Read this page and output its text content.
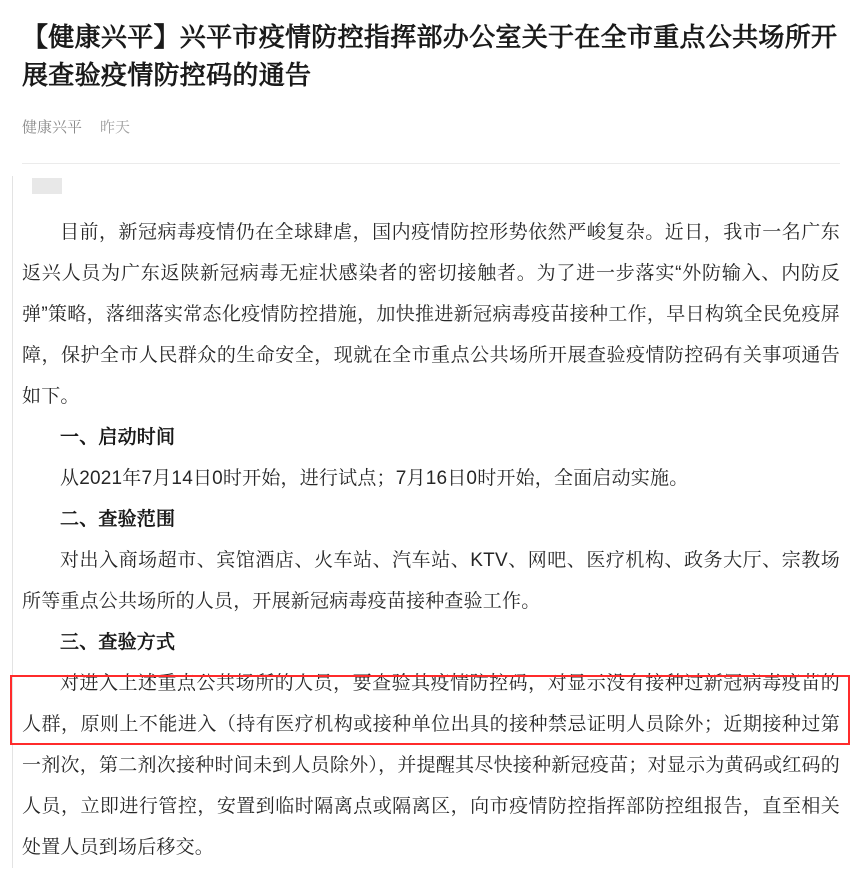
【健康兴平】兴平市疫情防控指挥部办公室关于在全市重点公共场所开展查验疫情防控码的通告
健康兴平 昨天

目前，新冠病毒疫情仍在全球肆虐，国内疫情防控形势依然严峻复杂。近日，我市一名广东返兴人员为广东返陕新冠病毒无症状感染者的密切接触者。为了进一步落实“外防输入、内防反弹”策略，落细落实常态化疫情防控措施，加快推进新冠病毒疫苗接种工作，早日构筑全民免疫屏障，保护全市人民群众的生命安全，现就在全市重点公共场所开展查验疫情防控码有关事项通告如下。

一、启动时间

从2021年7月14日0时开始，进行试点；7月16日0时开始，全面启动实施。

二、查验范围

对出入商场超市、宾馆酒店、火车站、汽车站、KTV、网吧、医疗机构、政务大厅、宗教场所等重点公共场所的人员，开展新冠病毒疫苗接种查验工作。

三、查验方式

对进入上述重点公共场所的人员，要查验其疫情防控码，对显示没有接种过新冠病毒疫苗的人群，原则上不能进入（持有医疗机构或接种单位出具的接种禁忌证明人员除外；近期接种过第一剂次，第二剂次接种时间未到人员除外），并提醒其尽快接种新冠疫苗；对显示为黄码或红码的人员，立即进行管控，安置到临时隔离点或隔离区，向市疫情防控指挥部防控组报告，直至相关处置人员到场后移交。
